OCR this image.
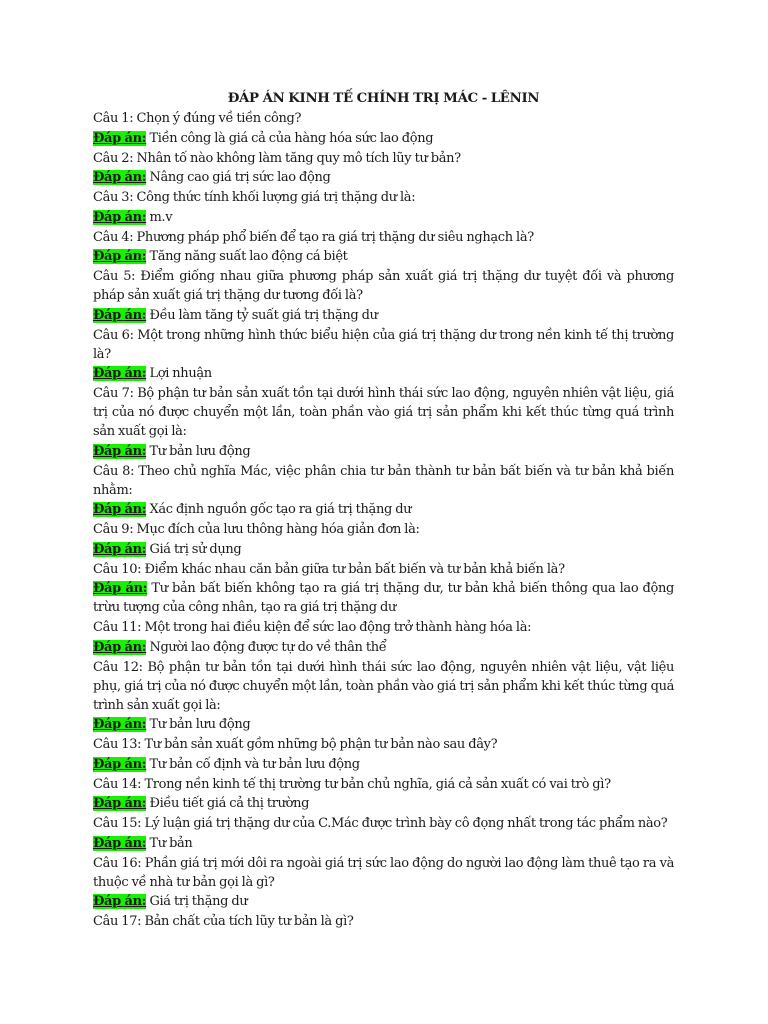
ĐÁP ÁN KINH TẾ CHÍNH TRỊ MÁC - LÊNIN

Câu 1: Chọn ý đúng về tiền công?

Đáp án: Tiền công là giá cả của hàng hóa sức lao động

Câu 2: Nhân tố nào không làm tăng quy mô tích lũy tư bản?

Đáp án: Nâng cao giá trị sức lao động

Câu 3: Công thức tính khối lượng giá trị thặng dư là:

Đáp án: m.v

Câu 4: Phương pháp phổ biến để tạo ra giá trị thặng dư siêu nghạch là?

Đáp án: Tăng năng suất lao động cá biệt

Câu 5: Điểm giống nhau giữa phương pháp sản xuất giá trị thặng dư tuyệt đối và phương pháp sản xuất giá trị thặng dư tương đối là?

Đáp án: Đều làm tăng tỷ suất giá trị thặng dư

Câu 6: Một trong những hình thức biểu hiện của giá trị thặng dư trong nền kinh tế thị trường là?

Đáp án: Lợi nhuận

Câu 7: Bộ phận tư bản sản xuất tồn tại dưới hình thái sức lao động, nguyên nhiên vật liệu, giá trị của nó được chuyển một lần, toàn phần vào giá trị sản phẩm khi kết thúc từng quá trình sản xuất gọi là:

Đáp án: Tư bản lưu động

Câu 8: Theo chủ nghĩa Mác, việc phân chia tư bản thành tư bản bất biến và tư bản khả biến nhằm:

Đáp án: Xác định nguồn gốc tạo ra giá trị thặng dư

Câu 9: Mục đích của lưu thông hàng hóa giản đơn là:

Đáp án: Giá trị sử dụng

Câu 10: Điểm khác nhau căn bản giữa tư bản bất biến và tư bản khả biến là?

Đáp án: Tư bản bất biến không tạo ra giá trị thặng dư, tư bản khả biến thông qua lao động trừu tượng của công nhân, tạo ra giá trị thặng dư

Câu 11: Một trong hai điều kiện để sức lao động trở thành hàng hóa là:

Đáp án: Người lao động được tự do về thân thể

Câu 12: Bộ phận tư bản tồn tại dưới hình thái sức lao động, nguyên nhiên vật liệu, vật liệu phụ, giá trị của nó được chuyển một lần, toàn phần vào giá trị sản phẩm khi kết thúc từng quá trình sản xuất gọi là:

Đáp án: Tư bản lưu động

Câu 13: Tư bản sản xuất gồm những bộ phận tư bản nào sau đây?

Đáp án: Tư bản cố định và tư bản lưu động

Câu 14: Trong nền kinh tế thị trường tư bản chủ nghĩa, giá cả sản xuất có vai trò gì?

Đáp án: Điều tiết giá cả thị trường

Câu 15: Lý luận giá trị thặng dư của C.Mác được trình bày cô đọng nhất trong tác phẩm nào?

Đáp án: Tư bản

Câu 16: Phần giá trị mới dôi ra ngoài giá trị sức lao động do người lao động làm thuê tạo ra và thuộc về nhà tư bản gọi là gì?

Đáp án: Giá trị thặng dư

Câu 17: Bản chất của tích lũy tư bản là gì?
